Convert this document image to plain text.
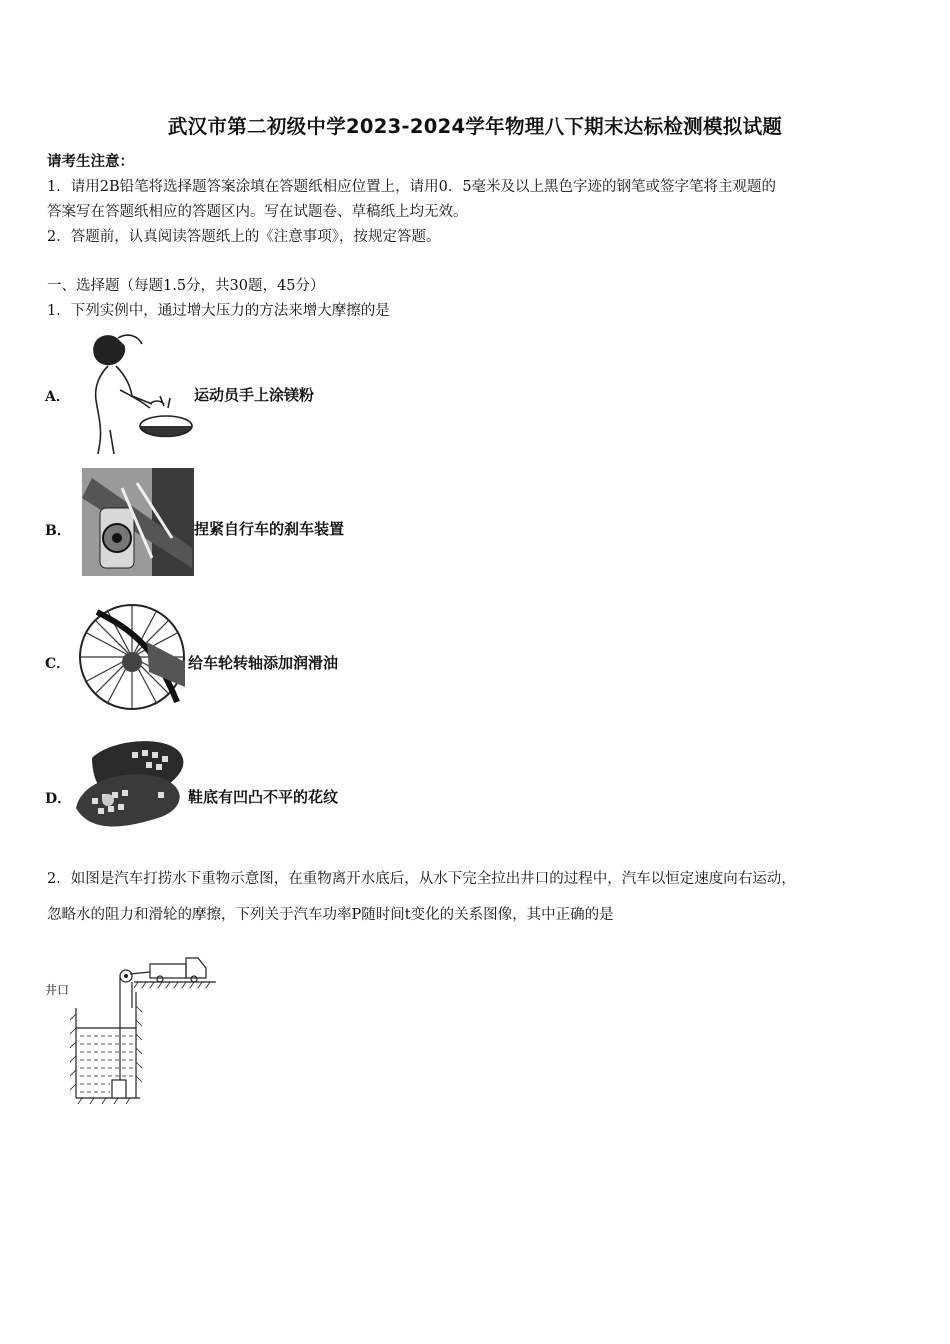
武汉市第二初级中学2023-2024学年物理八下期末达标检测模拟试题
请考生注意：
1．请用2B铅笔将选择题答案涂填在答题纸相应位置上，请用0．5毫米及以上黑色字迹的钢笔或签字笔将主观题的
答案写在答题纸相应的答题区内。写在试题卷、草稿纸上均无效。
2．答题前，认真阅读答题纸上的《注意事项》，按规定答题。
一、选择题（每题1.5分，共30题，45分）
1．下列实例中，通过增大压力的方法来增大摩擦的是
A．	运动员手上涂镁粉
B．	捏紧自行车的刹车装置
C．	给车轮转轴添加润滑油
D．	鞋底有凹凸不平的花纹
2．如图是汽车打捞水下重物示意图，在重物离开水底后，从水下完全拉出井口的过程中，汽车以恒定速度向右运动，
忽略水的阻力和滑轮的摩擦，下列关于汽车功率P随时间t变化的关系图像，其中正确的是
井口
